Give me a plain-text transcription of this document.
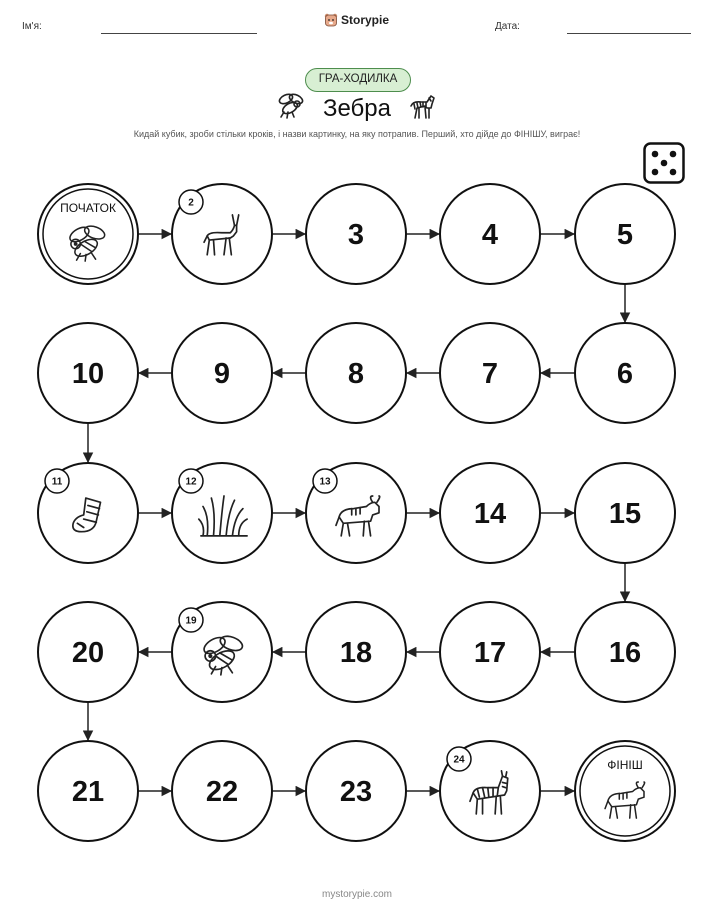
Ім'я:	Storypie	Дата:
ГРА-ХОДИЛКА
Зебра
Кидай кубик, зроби стільки кроків, і назви картинку, на яку потрапив. Перший, хто дійде до ФІНІШУ, виграє!
ПОЧАТОК	2
3	4	5
6
7
8
9
10
11	12	13
14	15
16
17
18
19
20
21	22	23
24	ФІНІШ
mystorypie.com
